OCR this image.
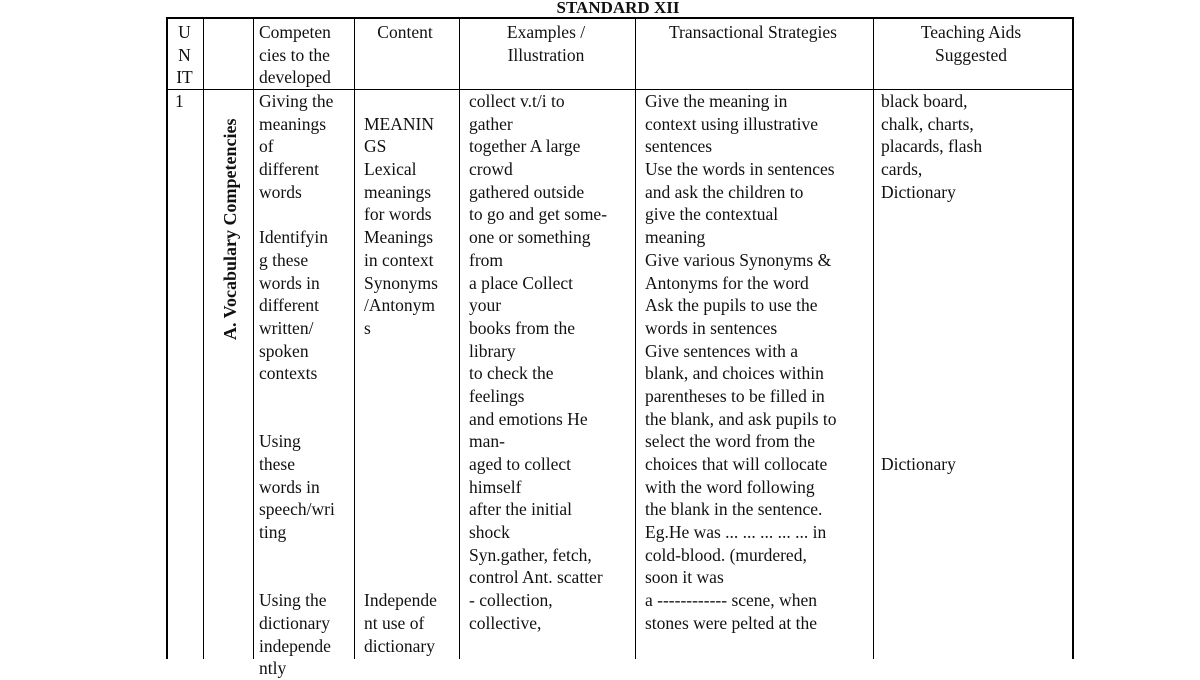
STANDARD XII
U
N
IT
Competen
cies to the
developed
Content	Examples /
Illustration
Transactional Strategies	Teaching Aids
Suggested
1
A. Vocabulary Competencies
Giving the
meanings
of
different
words
Identifyin
g these
words in
different
written/
spoken
contexts
Using
these
words in
speech/wri
ting
Using the
dictionary
independe
ntly
MEANIN
GS
Lexical
meanings
for words
Meanings
in context
Synonyms
/Antonym
s
Independe
nt use of
dictionary
collect v.t/i to
gather
together A large
crowd
gathered outside
to go and get some-
one or something
from
a place Collect
your
books from the
library
to check the
feelings
and emotions He
man-
aged to collect
himself
after the initial
shock
Syn.gather, fetch,
control Ant. scatter
- collection,
collective,
Give the meaning in
context using illustrative
sentences
Use the words in sentences
and ask the children to
give the contextual
meaning
Give various Synonyms &
Antonyms for the word
Ask the pupils to use the
words in sentences
Give sentences with a
blank, and choices within
parentheses to be filled in
the blank, and ask pupils to
select the word from the
choices that will collocate
with the word following
the blank in the sentence.
Eg.He was ... ... ... ... ... in
cold-blood. (murdered,
soon it was
a ------------ scene, when
stones were pelted at the
black board,
chalk, charts,
placards, flash
cards,
Dictionary
Dictionary
